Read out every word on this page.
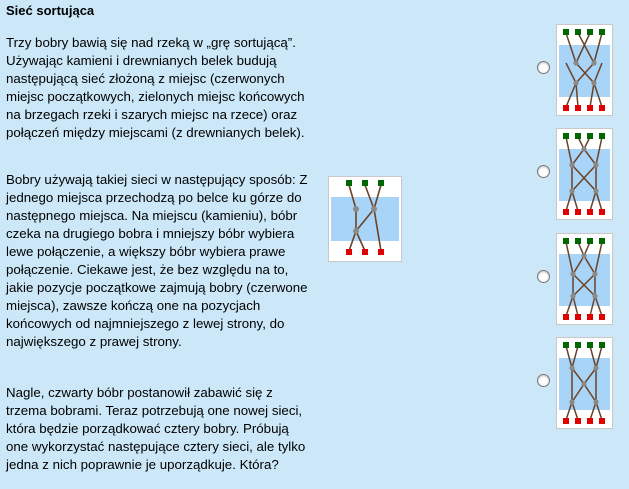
Sieć sortująca

Trzy bobry bawią się nad rzeką w „grę sortującą”. Używając kamieni i drewnianych belek budują następującą sieć złożoną z miejsc (czerwonych miejsc początkowych, zielonych miejsc końcowych na brzegach rzeki i szarych miejsc na rzece) oraz połączeń między miejscami (z drewnianych belek).

Bobry używają takiej sieci w następujący sposób: Z jednego miejsca przechodzą po belce ku górze do następnego miejsca. Na miejscu (kamieniu), bóbr czeka na drugiego bobra i mniejszy bóbr wybiera lewe połączenie, a większy bóbr wybiera prawe połączenie. Ciekawe jest, że bez względu na to, jakie pozycje początkowe zajmują bobry (czerwone miejsca), zawsze kończą one na pozycjach końcowych od najmniejszego z lewej strony, do największego z prawej strony.

Nagle, czwarty bóbr postanowił zabawić się z trzema bobrami. Teraz potrzebują one nowej sieci, która będzie porządkować cztery bobry. Próbują one wykorzystać następujące cztery sieci, ale tylko jedna z nich poprawnie je uporządkuje. Która?
